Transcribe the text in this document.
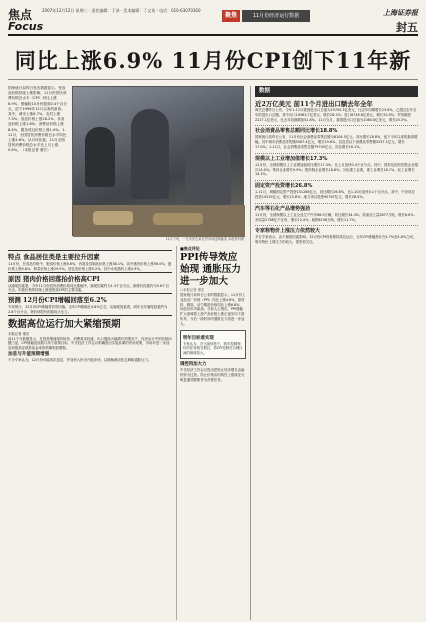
焦点
Focus
2007年12月12日 星期三 · 责任编辑：于泽 · 美术编辑：丁文英 · 电话：010-63070360
聚焦	11月份经济运行数据	上海证券报
封五
同比上涨6.9% 11月份CPI创下11年新
国家统计局昨日发布数据显示，受食品价格持续上涨影响，11月份居民消费价格总水平（CPI）同比上涨6.9%，涨幅较10月份提高0.4个百分点，创下1996年12月以来的新高。其中，城市上涨6.7%，农村上涨7.3%；食品价格上涨18.2%，非食品价格上涨1.6%；消费品价格上涨8.4%，服务项目价格上涨1.4%。1-11月，全国居民消费价格总水平同比上涨4.6%。从月环比看，11月全国居民消费价格总水平比上月上涨0.6%。（本报记者 秦宏）
11月下旬，一位市民在某农贸市场选购蔬菜 本报资料图
数据
近2万亿美元 前11个月进出口额去年全年
海关总署昨日公布，今年1-11月我国进出口总值为19700.3亿美元，比去年同期增长23.6%，已超过去年全年的进出口总额。其中出口10963.7亿美元，增长26.2%；进口8736.6亿美元，增长20.5%；贸易顺差2227.1亿美元，比去年同期增加52.8%。11月当月，我国进出口总值为2080.8亿美元，增长24.3%。
社会消费品零售总额同比增长18.8%
国家统计局昨日公布，11月份社会消费品零售总额为8104.5亿元，同比增长18.8%，创下今年以来的最高增幅。其中城市消费品零售额5567.4亿元，增长19.6%；县及县以下消费品零售额2537.1亿元，增长17.0%。1-11月，社会消费品零售总额79745亿元，同比增长16.1%。
规模以上工业增加值增长17.3%
11月份，全国规模以上工业增加值同比增长17.3%，比上月加快0.4个百分点。其中，国有及国有控股企业增长14.0%；集体企业增长9.9%；股份制企业增长18.6%。分轻重工业看，重工业增长18.7%，轻工业增长14.1%。
固定资产投资增长26.8%
1-11月，城镇固定资产投资101286亿元，同比增长26.8%，比1-10月加快0.1个百分点。其中，中央项目投资10519亿元，增长13.8%；地方项目投资90767亿元，增长28.5%。
汽车等石化产品增势强劲
11月份，全国规模以上工业企业生产汽车86.9万辆，同比增长34.3%；原油加工量2877万吨，增长6.6%；发电量2788亿千瓦时，增长12.4%；粗钢4196万吨，增长11.7%。
专家称物价上涨压力依然较大
多位专家表示，由于翘尾因素影响，12月份CPI仍将保持高位运行，全年CPI涨幅预计在4.7%至4.8%之间，明年物价上涨压力仍较大，需密切关注。
特点 食品居住类是主要拉升因素
11月份，在食品价格中，粮食价格上涨6.6%，肉禽及其制品价格上涨38.1%，其中猪肉价格上涨56.0%；蛋价格上涨9.8%；鲜菜价格上涨29.5%。居住类价格上涨5.2%，其中水电燃料上涨4.9%。
原因 猪肉价格回落抬价格高CPI
从翘尾因素看，今年11月份居民消费价格同比涨幅中，翘尾因素约为1.3个百分点，新涨价因素约为5.6个百分点。肉禽价格的持续上涨是推高CPI的主要因素。
预测 12月份CPI增幅回落至6.2%
专家预计，12月份CPI涨幅将有所回落，全年CPI涨幅在4.8%左右。从翘尾因素看，明年全年翘尾因素约为2.8个百分点，物价调控仍面临较大压力。
数据高位运行加大紧缩预期
本报记者 秦宏
前11个月数据显示，在投资增速保持较快、消费需求旺盛、出口继续大幅增长的情况下，经济运行中的价格问题凸显，CPI涨幅连续数月高于政策目标，中央经济工作会议明确提出实施从紧的货币政策，市场对进一步加息和提高存款准备金率的预期明显增强。
加息与升值预期增强
不少专家认为，12月份可能再次加息，并加快人民币升值步伐，以缓解流动性过剩和通胀压力。
■焦点评论
PPI传导效应始现 通胀压力进一步加大
○本报记者 秦宏
国家统计局昨日公布的数据显示，11月份工业品出厂价格（PPI）同比上涨4.6%，原材料、燃料、动力购进价格同比上涨6.8%，均创出年内新高。分析人士指出，PPI涨幅扩大意味着上游产品价格上涨正逐步向下游传导，今后一段时间内通胀压力将进一步加大。
明年目标难实现
专家认为，在当前形势下，明年控制物价的任务相当艰巨，将CPI控制在合理区间的难度较大。
调控再加大力
中央经济工作会议提出把防止经济增长由偏快转为过热、防止价格由结构性上涨演变为明显通货膨胀作为首要任务。
